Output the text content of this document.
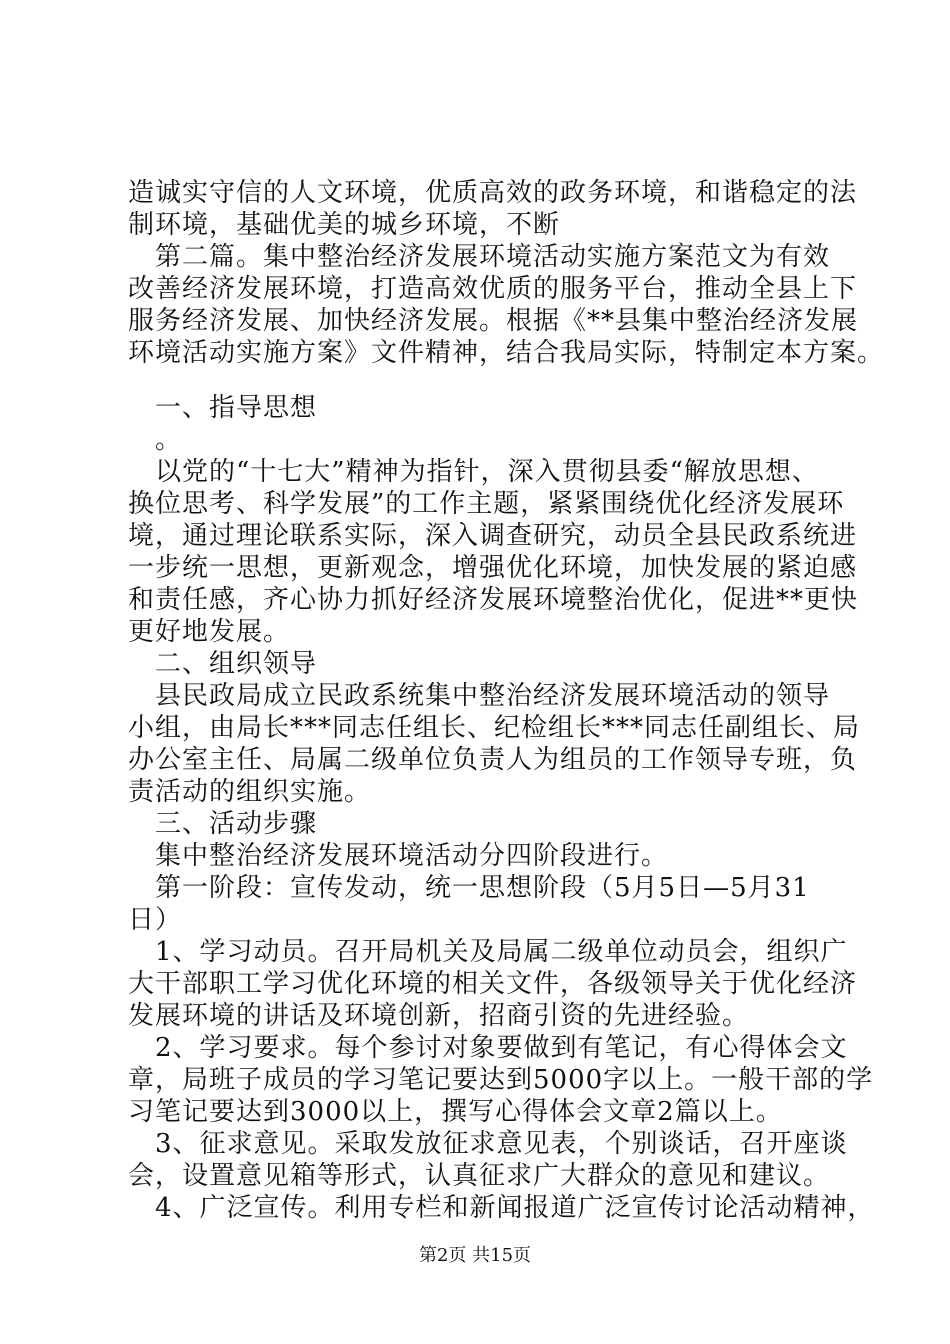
造诚实守信的人文环境，优质高效的政务环境，和谐稳定的法
制环境，基础优美的城乡环境，不断
　第二篇。集中整治经济发展环境活动实施方案范文为有效
改善经济发展环境，打造高效优质的服务平台，推动全县上下
服务经济发展、加快经济发展。根据《**县集中整治经济发展
环境活动实施方案》文件精神，结合我局实际，特制定本方案。
　一、指导思想
　。
　以党的“十七大”精神为指针，深入贯彻县委“解放思想、
换位思考、科学发展”的工作主题，紧紧围绕优化经济发展环
境，通过理论联系实际，深入调查研究，动员全县民政系统进
一步统一思想，更新观念，增强优化环境，加快发展的紧迫感
和责任感，齐心协力抓好经济发展环境整治优化，促进**更快
更好地发展。
　二、组织领导
　县民政局成立民政系统集中整治经济发展环境活动的领导
小组，由局长***同志任组长、纪检组长***同志任副组长、局
办公室主任、局属二级单位负责人为组员的工作领导专班，负
责活动的组织实施。
　三、活动步骤
　集中整治经济发展环境活动分四阶段进行。
　第一阶段：宣传发动，统一思想阶段（5月5日—5月31
日）
　1、学习动员。召开局机关及局属二级单位动员会，组织广
大干部职工学习优化环境的相关文件，各级领导关于优化经济
发展环境的讲话及环境创新，招商引资的先进经验。
　2、学习要求。每个参讨对象要做到有笔记，有心得体会文
章，局班子成员的学习笔记要达到5000字以上。一般干部的学
习笔记要达到3000以上，撰写心得体会文章2篇以上。
　3、征求意见。采取发放征求意见表，个别谈话，召开座谈
会，设置意见箱等形式，认真征求广大群众的意见和建议。
　4、广泛宣传。利用专栏和新闻报道广泛宣传讨论活动精神，
第2页 共15页
